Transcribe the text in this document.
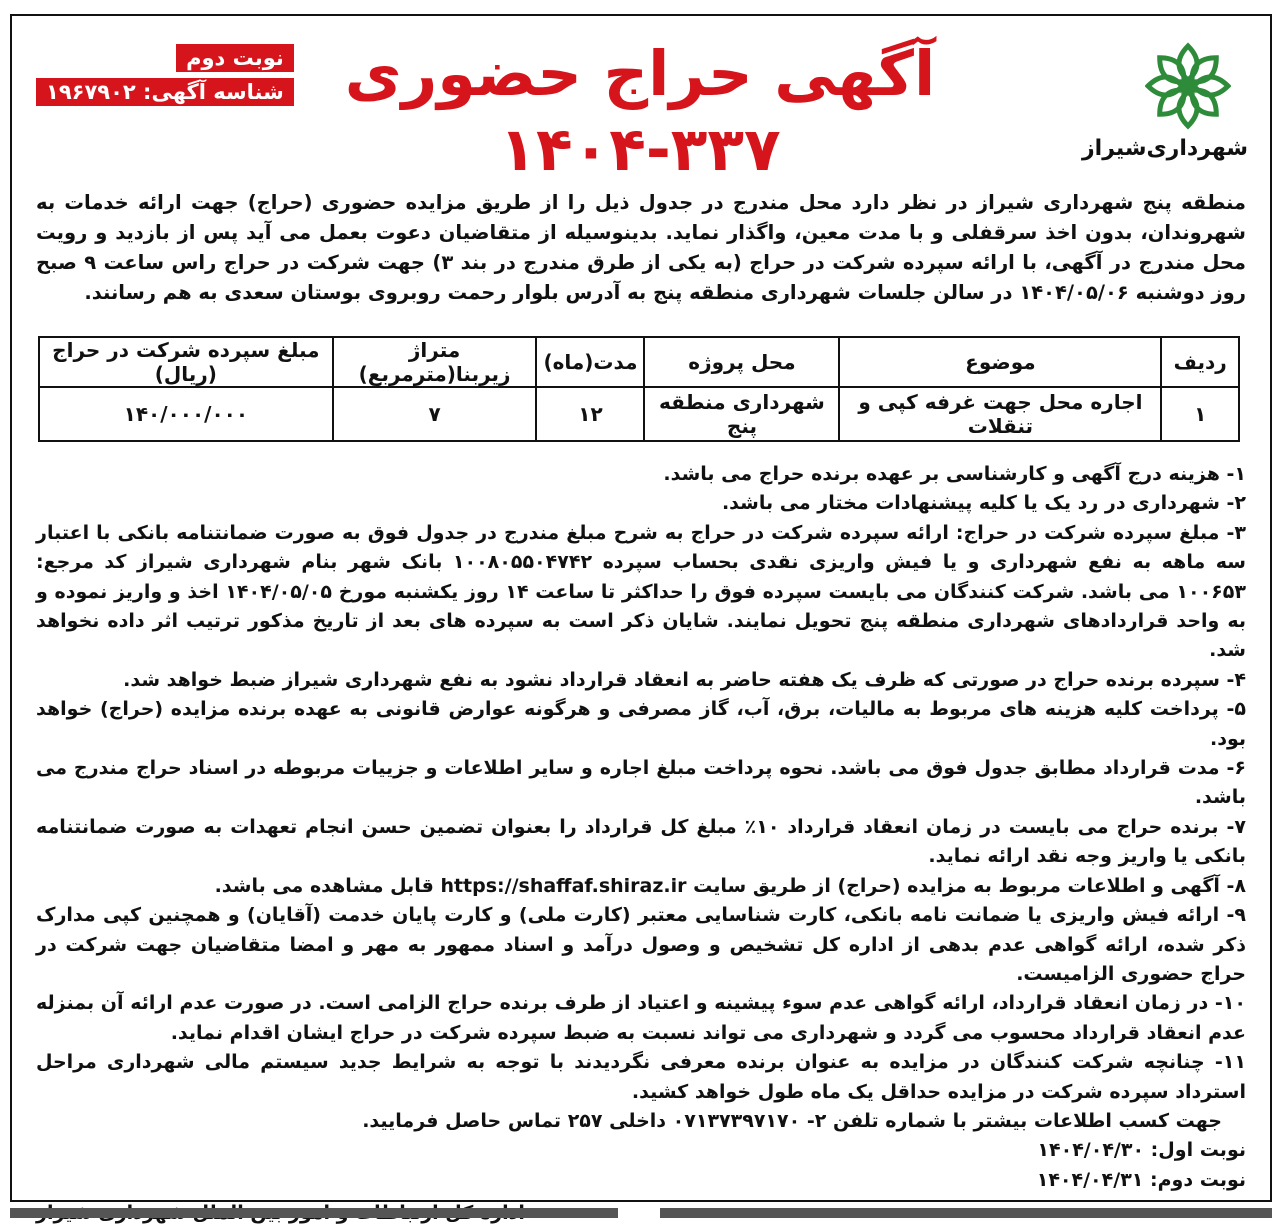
شهرداری‌شیراز
آگهی حراج حضوری
۱۴۰۴-۳۳۷
نوبت دوم
شناسه آگهی: ۱۹۶۷۹۰۲
منطقه پنج شهرداری شیراز در نظر دارد محل مندرج در جدول ذیل را از طریق مزایده حضوری (حراج) جهت ارائه خدمات به شهروندان، بدون اخذ سرقفلی و با مدت معین، واگذار نماید. بدینوسیله از متقاضیان دعوت بعمل می آید پس از بازدید و رویت محل مندرج در آگهی، با ارائه سپرده شرکت در حراج (به یکی از طرق مندرج در بند ۳) جهت شرکت در حراج راس ساعت ۹ صبح روز دوشنبه ۱۴۰۴/۰۵/۰۶ در سالن جلسات شهرداری منطقه پنج به آدرس بلوار رحمت روبروی بوستان سعدی به هم رسانند.
ردیف	موضوع	محل پروژه	مدت(ماه)	متراژ زیربنا(مترمربع)	مبلغ سپرده شرکت در حراج (ریال)
۱	اجاره محل جهت غرفه کپی و تنقلات	شهرداری منطقه پنج	۱۲	۷	۱۴۰/۰۰۰/۰۰۰

۱- هزینه درج آگهی و کارشناسی بر عهده برنده حراج می باشد.

۲- شهرداری در رد یک یا کلیه پیشنهادات مختار می باشد.

۳- مبلغ سپرده شرکت در حراج: ارائه سپرده شرکت در حراج به شرح مبلغ مندرج در جدول فوق به صورت ضمانتنامه بانکی با اعتبار سه ماهه به نفع شهرداری و یا فیش واریزی نقدی بحساب سپرده ۱۰۰۸۰۵۵۰۴۷۴۲ بانک شهر بنام شهرداری شیراز کد مرجع: ۱۰۰۶۵۳ می باشد. شرکت کنندگان می بایست سپرده فوق را حداکثر تا ساعت ۱۴ روز یکشنبه مورخ ۱۴۰۴/۰۵/۰۵ اخذ و واریز نموده و به واحد قراردادهای شهرداری منطقه پنج تحویل نمایند. شایان ذکر است به سپرده های بعد از تاریخ مذکور ترتیب اثر داده نخواهد شد.

۴- سپرده برنده حراج در صورتی که ظرف یک هفته حاضر به انعقاد قرارداد نشود به نفع شهرداری شیراز ضبط خواهد شد.

۵- پرداخت کلیه هزینه های مربوط به مالیات، برق، آب، گاز مصرفی و هرگونه عوارض قانونی به عهده برنده مزایده (حراج) خواهد بود.

۶- مدت قرارداد مطابق جدول فوق می باشد. نحوه پرداخت مبلغ اجاره و سایر اطلاعات و جزییات مربوطه در اسناد حراج مندرج می باشد.

۷- برنده حراج می بایست در زمان انعقاد قرارداد ۱۰٪ مبلغ کل قرارداد را بعنوان تضمین حسن انجام تعهدات به صورت ضمانتنامه بانکی یا واریز وجه نقد ارائه نماید.

۸- آگهی و اطلاعات مربوط به مزایده (حراج) از طریق سایت https://shaffaf.shiraz.ir قابل مشاهده می باشد.

۹- ارائه فیش واریزی یا ضمانت نامه بانکی، کارت شناسایی معتبر (کارت ملی) و کارت پایان خدمت (آقایان) و همچنین کپی مدارک ذکر شده، ارائه گواهی عدم بدهی از اداره کل تشخیص و وصول درآمد و اسناد ممهور به مهر و امضا متقاضیان جهت شرکت در حراج حضوری الزامیست.

۱۰- در زمان انعقاد قرارداد، ارائه گواهی عدم سوء پیشینه و اعتیاد از طرف برنده حراج الزامی است. در صورت عدم ارائه آن بمنزله عدم انعقاد قرارداد محسوب می گردد و شهرداری می تواند نسبت به ضبط سپرده شرکت در حراج ایشان اقدام نماید.

۱۱- چنانچه شرکت کنندگان در مزایده به عنوان برنده معرفی نگردیدند با توجه به شرایط جدید سیستم مالی شهرداری مراحل استرداد سپرده شرکت در مزایده حداقل یک ماه طول خواهد کشید.

جهت کسب اطلاعات بیشتر با شماره تلفن ۲- ۰۷۱۳۷۳۹۷۱۷۰ داخلی ۲۵۷ تماس حاصل فرمایید.

نوبت اول: ۱۴۰۴/۰۴/۳۰

نوبت دوم: ۱۴۰۴/۰۴/۳۱
